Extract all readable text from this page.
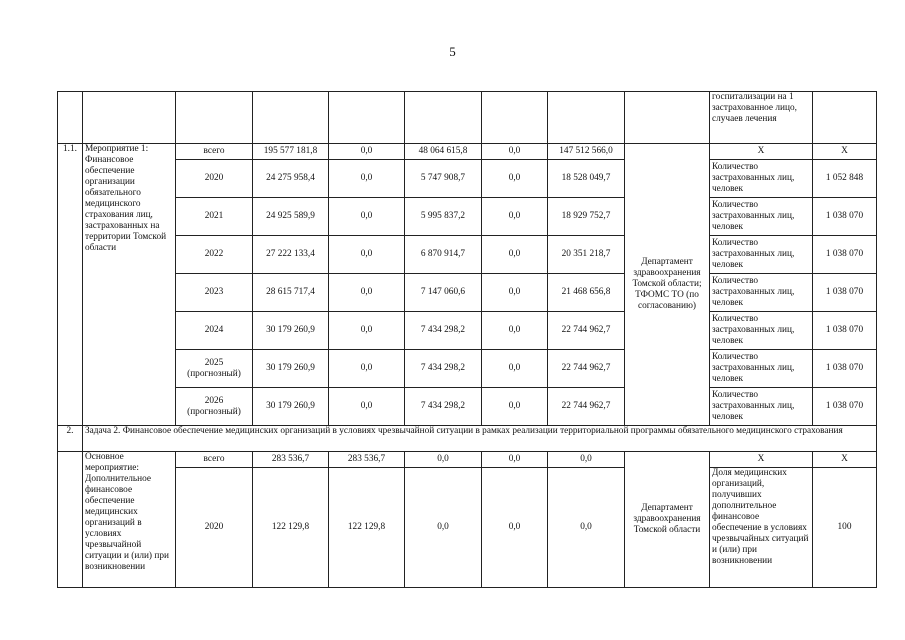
5
									госпитализации на 1 застрахованное лицо, случаев лечения	
1.1.	Мероприятие 1: Финансовое обеспечение организации обязательного медицинского страхования лиц, застрахованных на территории Томской области	всего	195 577 181,8	0,0	48 064 615,8	0,0	147 512 566,0	Департамент здравоохранения Томской области; ТФОМС ТО (по согласованию)	X	X
		2020	24 275 958,4	0,0	5 747 908,7	0,0	18 528 049,7		Количество застрахованных лиц, человек	1 052 848
		2021	24 925 589,9	0,0	5 995 837,2	0,0	18 929 752,7		Количество застрахованных лиц, человек	1 038 070
		2022	27 222 133,4	0,0	6 870 914,7	0,0	20 351 218,7		Количество застрахованных лиц, человек	1 038 070
		2023	28 615 717,4	0,0	7 147 060,6	0,0	21 468 656,8		Количество застрахованных лиц, человек	1 038 070
		2024	30 179 260,9	0,0	7 434 298,2	0,0	22 744 962,7		Количество застрахованных лиц, человек	1 038 070
		2025 (прогнозный)	30 179 260,9	0,0	7 434 298,2	0,0	22 744 962,7		Количество застрахованных лиц, человек	1 038 070
		2026 (прогнозный)	30 179 260,9	0,0	7 434 298,2	0,0	22 744 962,7		Количество застрахованных лиц, человек	1 038 070
2.	Задача 2. Финансовое обеспечение медицинских организаций в условиях чрезвычайной ситуации в рамках реализации территориальной программы обязательного медицинского страхования									
	Основное мероприятие: Дополнительное финансовое обеспечение медицинских организаций в условиях чрезвычайной ситуации и (или) при возникновении	всего	283 536,7	283 536,7	0,0	0,0	0,0	Департамент здравоохранения Томской области	X	X
		2020	122 129,8	122 129,8	0,0	0,0	0,0		Доля медицинских организаций, получивших дополнительное финансовое обеспечение в условиях чрезвычайных ситуаций и (или) при возникновении	100
